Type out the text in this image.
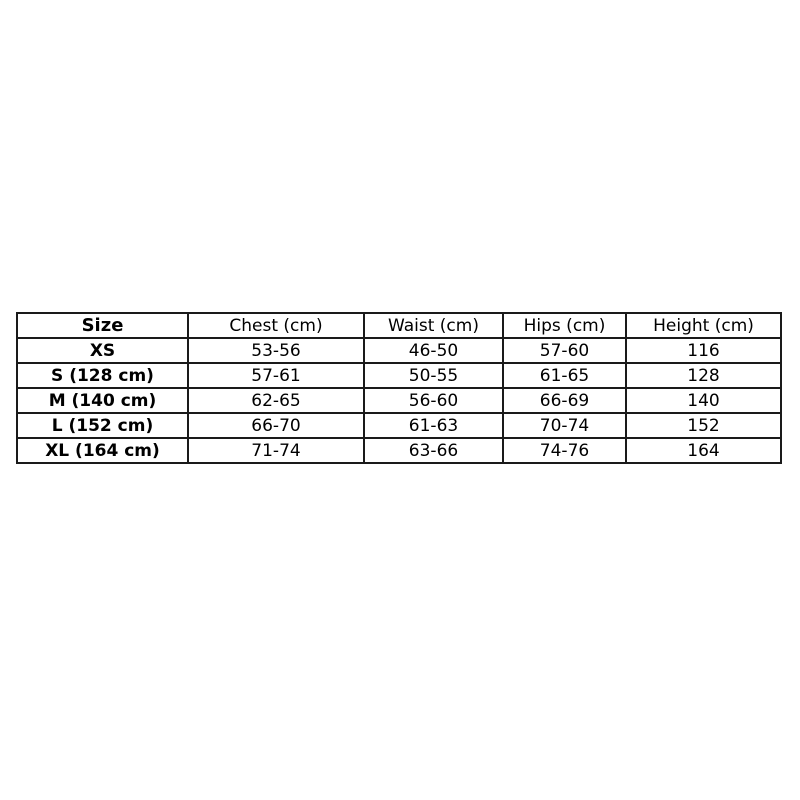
Size	Chest (cm)	Waist (cm)	Hips (cm)	Height (cm)
XS	53-56	46-50	57-60	116
S (128 cm)	57-61	50-55	61-65	128
M (140 cm)	62-65	56-60	66-69	140
L (152 cm)	66-70	61-63	70-74	152
XL (164 cm)	71-74	63-66	74-76	164
